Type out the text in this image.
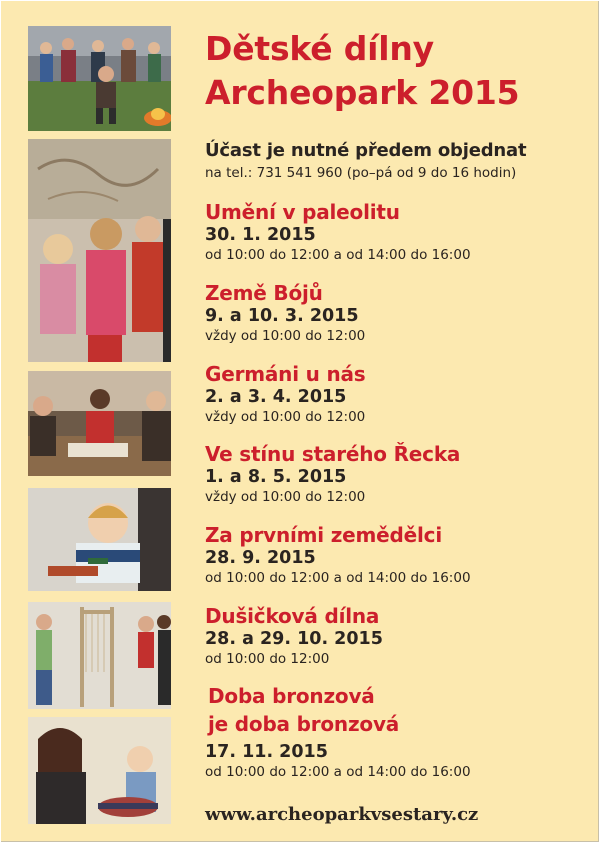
Dětské dílny
Archeopark 2015
Účast je nutné předem objednat
na tel.: 731 541 960 (po–pá od 9 do 16 hodin)
Umění v paleolitu
30. 1. 2015
od 10:00 do 12:00 a od 14:00 do 16:00
Země Bójů
9. a 10. 3. 2015
vždy od 10:00 do 12:00
Germáni u nás
2. a 3. 4. 2015
vždy od 10:00 do 12:00
Ve stínu starého Řecka
1. a 8. 5. 2015
vždy od 10:00 do 12:00
Za prvními zemědělci
28. 9. 2015
od 10:00 do 12:00 a od 14:00 do 16:00
Dušičková dílna
28. a 29. 10. 2015
od 10:00 do 12:00
Doba bronzová
je doba bronzová
17. 11. 2015
od 10:00 do 12:00 a od 14:00 do 16:00
www.archeoparkvsestary.cz
